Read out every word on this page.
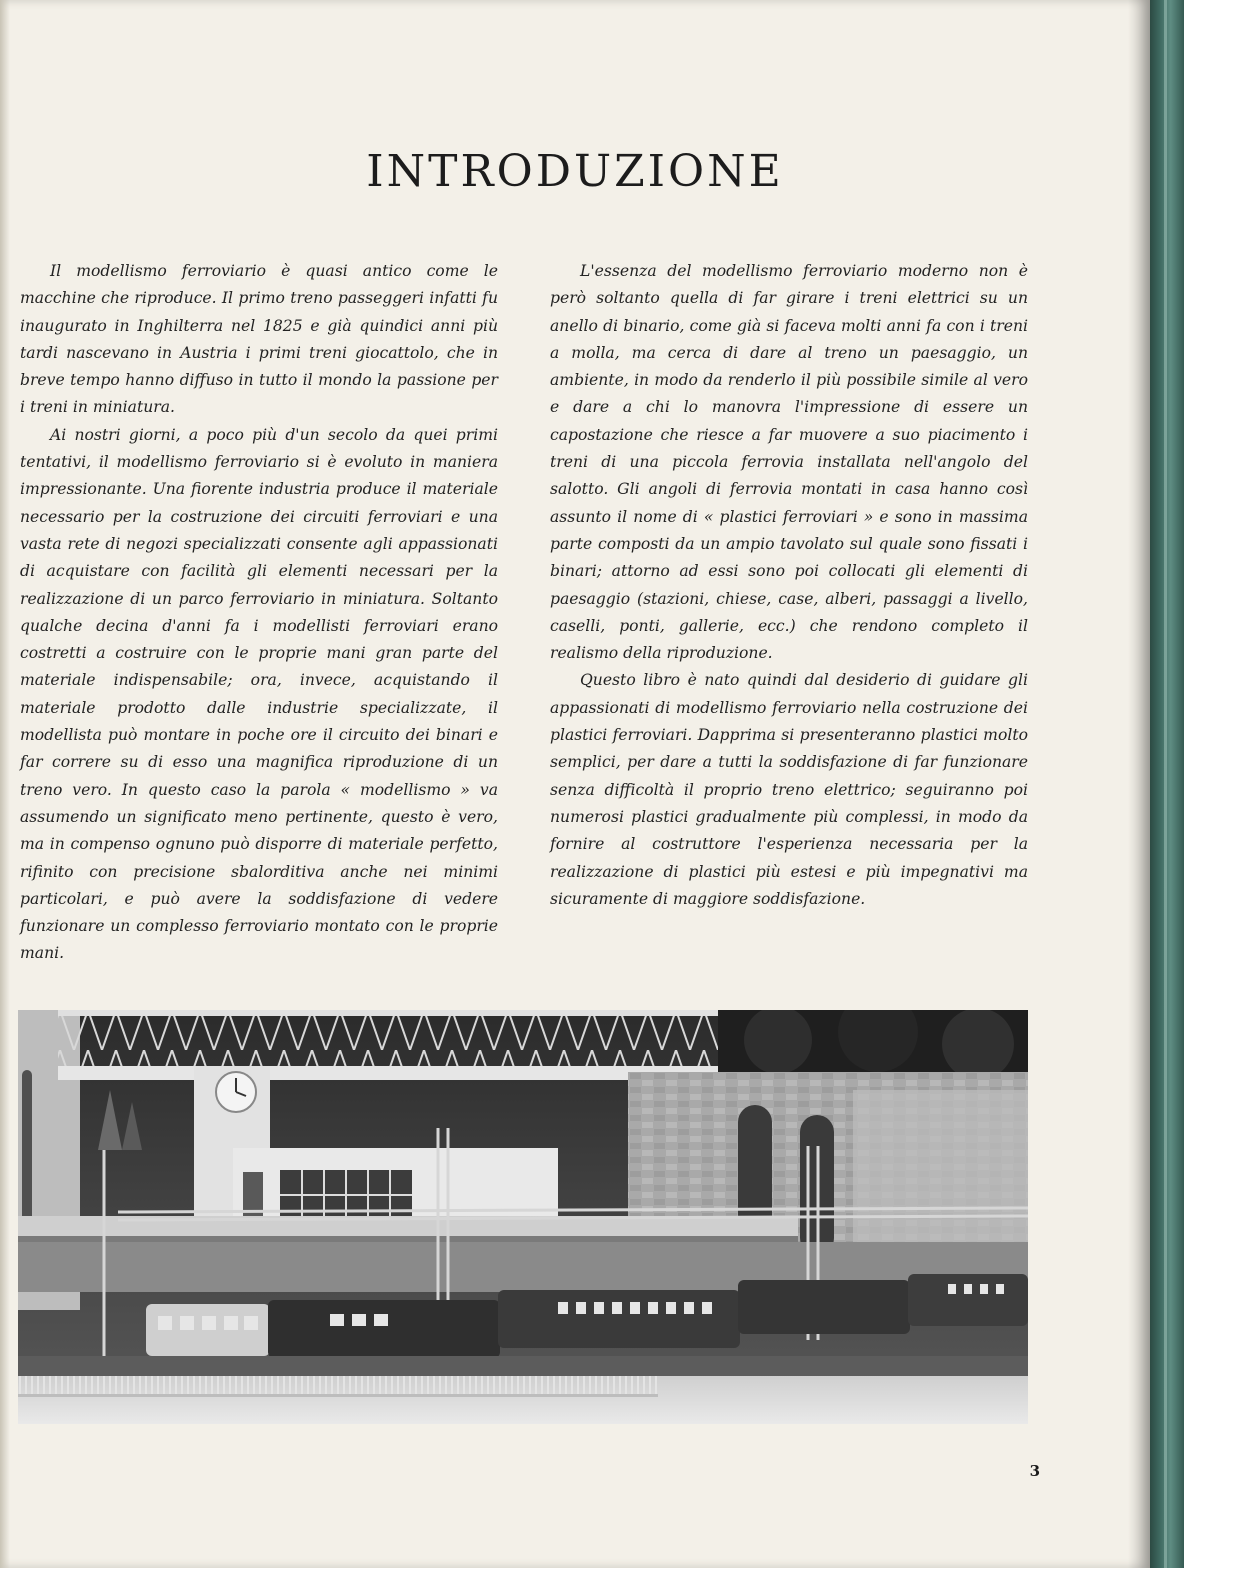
INTRODUZIONE

Il modellismo ferroviario è quasi antico come le macchine che riproduce. Il primo treno passeggeri infatti fu inaugurato in Inghilterra nel 1825 e già quindici anni più tardi nascevano in Austria i primi treni giocattolo, che in breve tempo hanno diffuso in tutto il mondo la passione per i treni in miniatura.

Ai nostri giorni, a poco più d'un secolo da quei primi tentativi, il modellismo ferroviario si è evoluto in maniera impressionante. Una fiorente industria produce il materiale necessario per la costruzione dei circuiti ferroviari e una vasta rete di negozi specializzati consente agli appassionati di acquistare con facilità gli elementi necessari per la realizzazione di un parco ferroviario in miniatura. Soltanto qualche decina d'anni fa i modellisti ferroviari erano costretti a costruire con le proprie mani gran parte del materiale indispensabile; ora, invece, acquistando il materiale prodotto dalle industrie specializzate, il modellista può montare in poche ore il circuito dei binari e far correre su di esso una magnifica riproduzione di un treno vero. In questo caso la parola « modellismo » va assumendo un significato meno pertinente, questo è vero, ma in compenso ognuno può disporre di materiale perfetto, rifinito con precisione sbalorditiva anche nei minimi particolari, e può avere la soddisfazione di vedere funzionare un complesso ferroviario montato con le proprie mani.

L'essenza del modellismo ferroviario moderno non è però soltanto quella di far girare i treni elettrici su un anello di binario, come già si faceva molti anni fa con i treni a molla, ma cerca di dare al treno un paesaggio, un ambiente, in modo da renderlo il più possibile simile al vero e dare a chi lo manovra l'impressione di essere un capostazione che riesce a far muovere a suo piacimento i treni di una piccola ferrovia installata nell'angolo del salotto. Gli angoli di ferrovia montati in casa hanno così assunto il nome di « plastici ferroviari » e sono in massima parte composti da un ampio tavolato sul quale sono fissati i binari; attorno ad essi sono poi collocati gli elementi di paesaggio (stazioni, chiese, case, alberi, passaggi a livello, caselli, ponti, gallerie, ecc.) che rendono completo il realismo della riproduzione.

Questo libro è nato quindi dal desiderio di guidare gli appassionati di modellismo ferroviario nella costruzione dei plastici ferroviari. Dapprima si presenteranno plastici molto semplici, per dare a tutti la soddisfazione di far funzionare senza difficoltà il proprio treno elettrico; seguiranno poi numerosi plastici gradualmente più complessi, in modo da fornire al costruttore l'esperienza necessaria per la realizzazione di plastici più estesi e più impegnativi ma sicuramente di maggiore soddisfazione.

3
